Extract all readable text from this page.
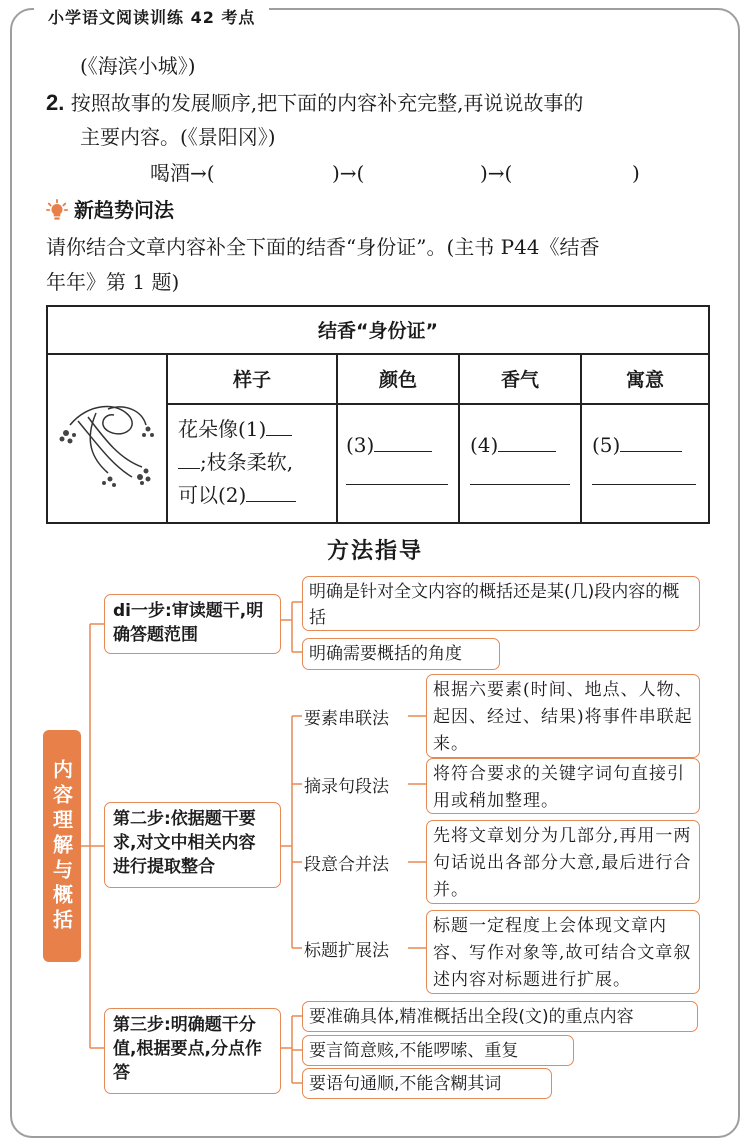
小学语文阅读训练 42 考点
(《海滨小城》)
2. 按照故事的发展顺序,把下面的内容补充完整,再说说故事的
主要内容。(《景阳冈》)
喝酒→(	)→(	)→(	)
新趋势问法
请你结合文章内容补全下面的结香“身份证”。(主书 P44《结香
年年》第 1 题)
结香“身份证”
样子	颜色	香气	寓意
花朵像(1)
;枝条柔软,
可以(2)
(3)	(4)	(5)
方法指导
内容理解与概括
di一步:审读题干,明确答题范围
明确是针对全文内容的概括还是某(几)段内容的概括
明确需要概括的角度
第二步:依据题干要求,对文中相关内容进行提取整合
要素串联法
根据六要素(时间、地点、人物、起因、经过、结果)将事件串联起来。
摘录句段法
将符合要求的关键字词句直接引用或稍加整理。
段意合并法
先将文章划分为几部分,再用一两句话说出各部分大意,最后进行合并。
标题扩展法
标题一定程度上会体现文章内容、写作对象等,故可结合文章叙述内容对标题进行扩展。
第三步:明确题干分值,根据要点,分点作答
要准确具体,精准概括出全段(文)的重点内容
要言简意赅,不能啰嗦、重复
要语句通顺,不能含糊其词
